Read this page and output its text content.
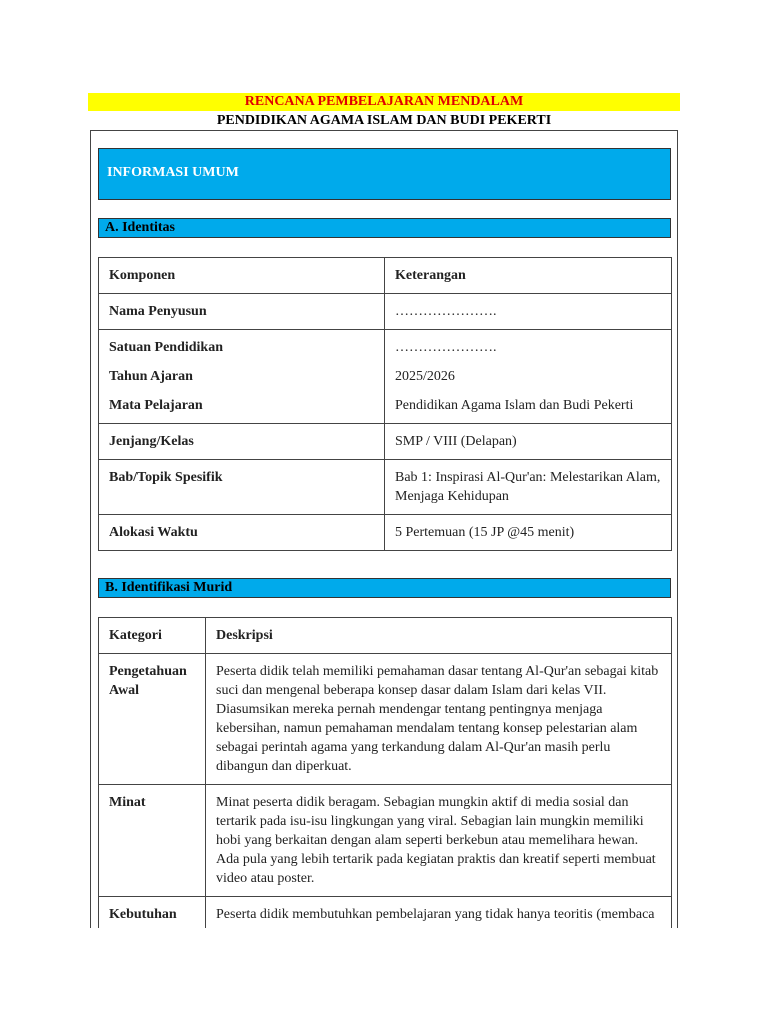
RENCANA PEMBELAJARAN MENDALAM
PENDIDIKAN AGAMA ISLAM DAN BUDI PEKERTI
INFORMASI UMUM
A. Identitas
Komponen	Keterangan
Nama Penyusun	………………….
Satuan Pendidikan	………………….
Tahun Ajaran	2025/2026
Mata Pelajaran	Pendidikan Agama Islam dan Budi Pekerti
Jenjang/Kelas	SMP / VIII (Delapan)
Bab/Topik Spesifik	Bab 1: Inspirasi Al-Qur'an: Melestarikan Alam, Menjaga Kehidupan
Alokasi Waktu	5 Pertemuan (15 JP @45 menit)
B. Identifikasi Murid
Kategori	Deskripsi
Pengetahuan Awal	Peserta didik telah memiliki pemahaman dasar tentang Al-Qur'an sebagai kitab suci dan mengenal beberapa konsep dasar dalam Islam dari kelas VII. Diasumsikan mereka pernah mendengar tentang pentingnya menjaga kebersihan, namun pemahaman mendalam tentang konsep pelestarian alam sebagai perintah agama yang terkandung dalam Al-Qur'an masih perlu dibangun dan diperkuat.
Minat	Minat peserta didik beragam. Sebagian mungkin aktif di media sosial dan tertarik pada isu-isu lingkungan yang viral. Sebagian lain mungkin memiliki hobi yang berkaitan dengan alam seperti berkebun atau memelihara hewan. Ada pula yang lebih tertarik pada kegiatan praktis dan kreatif seperti membuat video atau poster.
Kebutuhan	Peserta didik membutuhkan pembelajaran yang tidak hanya teoritis (membaca
